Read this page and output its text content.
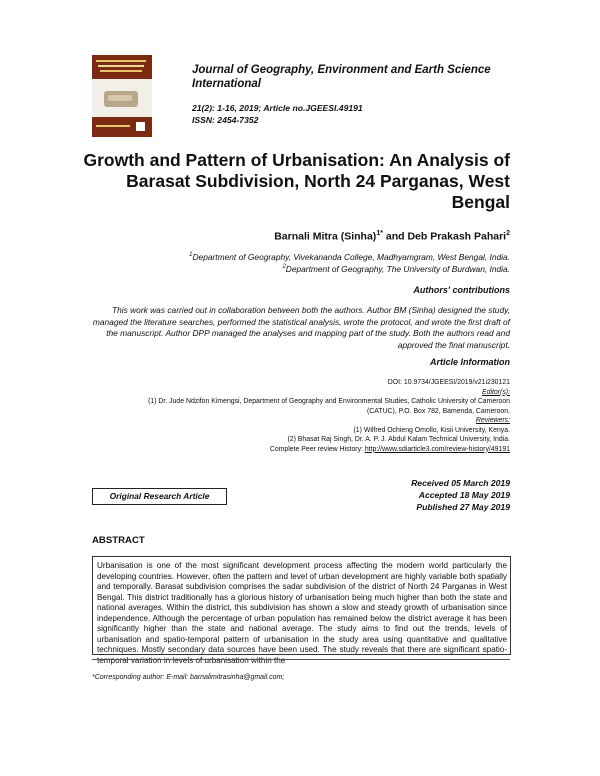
Journal of Geography, Environment and Earth Science International
21(2): 1-16, 2019; Article no.JGEESI.49191
ISSN: 2454-7352
Growth and Pattern of Urbanisation: An Analysis of Barasat Subdivision, North 24 Parganas, West Bengal
Barnali Mitra (Sinha)$^{1*}$ and Deb Prakash Pahari$^2$
$^1$Department of Geography, Vivekananda College, Madhyamgram, West Bengal, India.
$^2$Department of Geography, The University of Burdwan, India.
Authors' contributions
This work was carried out in collaboration between both the authors. Author BM (Sinha) designed the study, managed the literature searches, performed the statistical analysis, wrote the protocol, and wrote the first draft of the manuscript. Author DPP managed the analyses and mapping part of the study. Both the authors read and approved the final manuscript.
Article Information
DOI: 10.9734/JGEESI/2019/v21i230121
Editor(s):
(1) Dr. Jude Ndzifon Kimengsi, Department of Geography and Environmental Studies, Catholic University of Cameroon
(CATUC), P.O. Box 782, Bamenda, Cameroon.
Reviewers:
(1) Wilfred Ochieng Omollo, Kisii University, Kenya.
(2) Bhasat Raj Singh, Dr. A. P. J. Abdul Kalam Technical University, India.
Complete Peer review History: http://www.sdiarticle3.com/review-history/49191
Original Research Article
Received 05 March 2019
Accepted 18 May 2019
Published 27 May 2019
ABSTRACT
Urbanisation is one of the most significant development process affecting the modern world particularly the developing countries. However, often the pattern and level of urban development are highly variable both spatially and temporally. Barasat subdivision comprises the sadar subdivision of the district of North 24 Parganas in West Bengal. This district traditionally has a glorious history of urbanisation being much higher than both the state and national averages. Within the district, this subdivision has shown a slow and steady growth of urbanisation since independence. Although the percentage of urban population has remained below the district average it has been significantly higher than the state and national average. The study aims to find out the trends, levels of urbanisation and spatio-temporal pattern of urbanisation in the study area using quantitative and qualitative techniques. Mostly secondary data sources have been used. The study reveals that there are significant spatio-temporal variation in levels of urbanisation within the
*Corresponding author: E-mail: barnalimitrasinha@gmail.com;
